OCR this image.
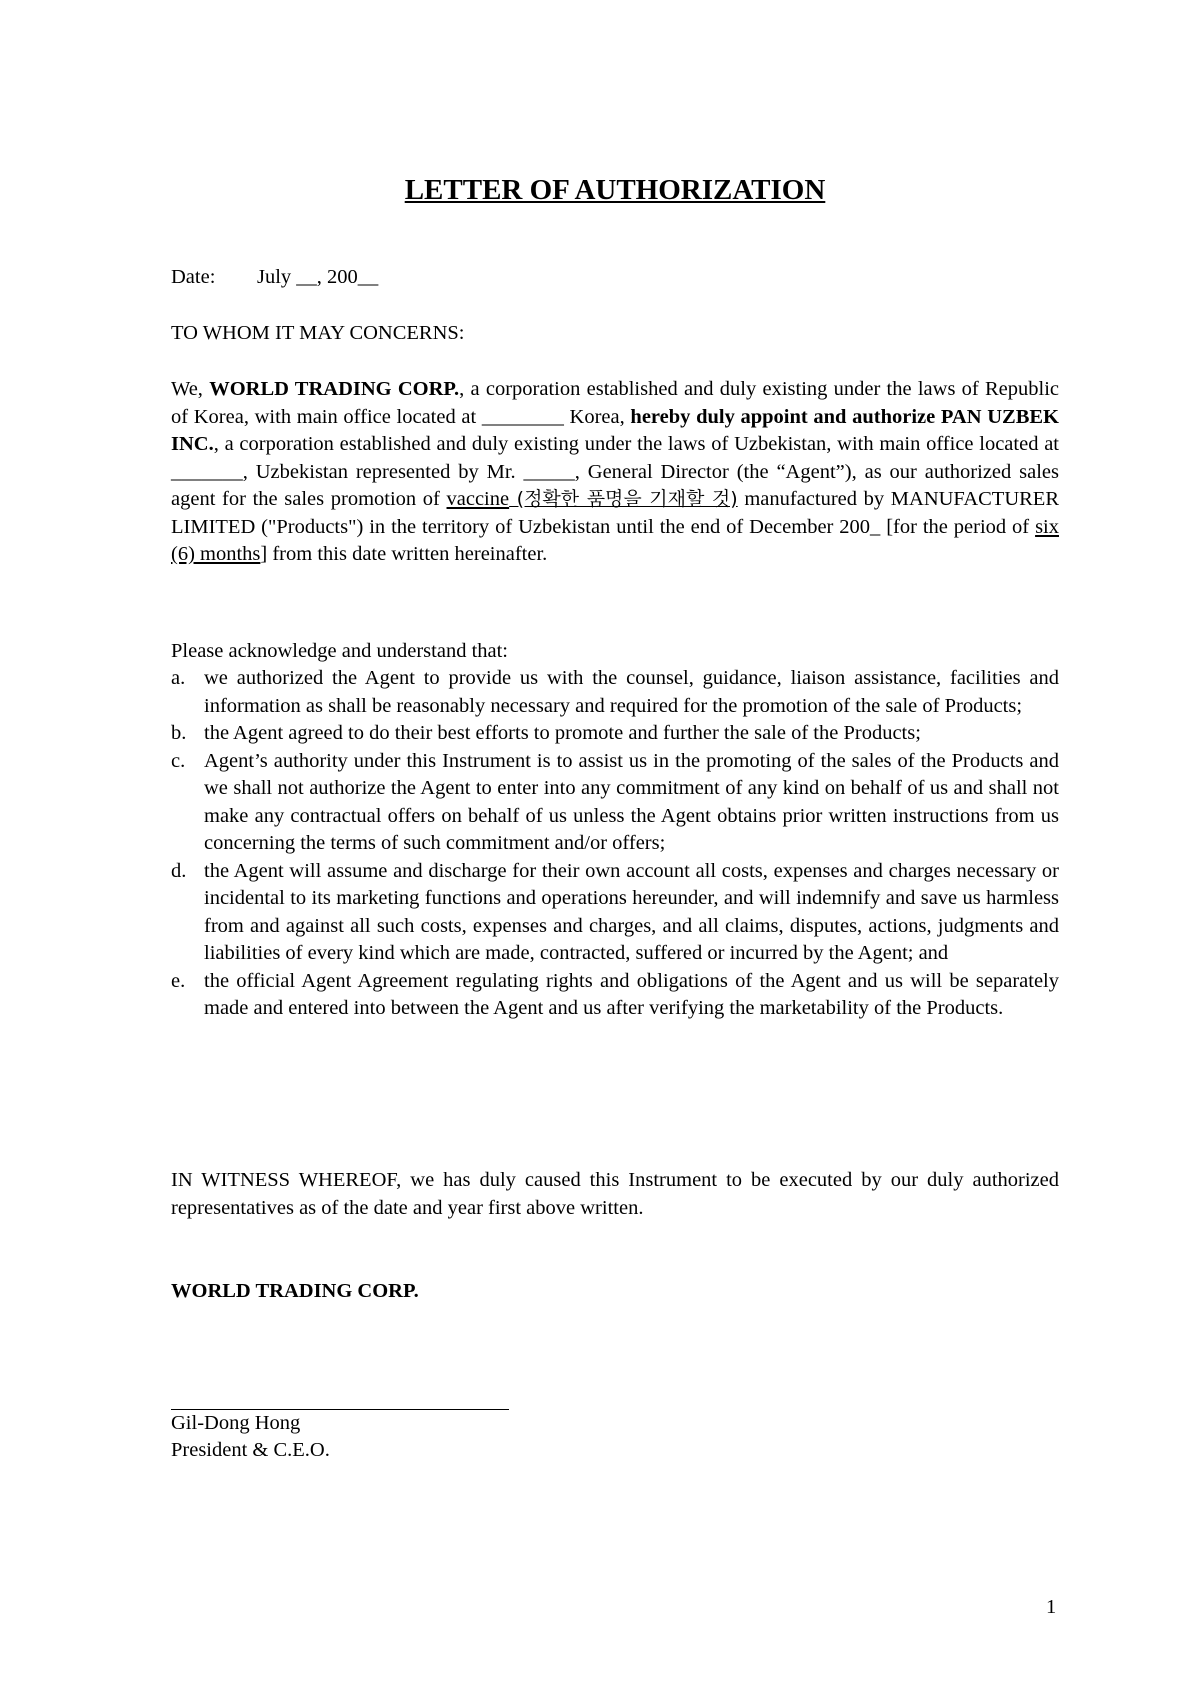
LETTER OF AUTHORIZATION

Date: July __, 200__

TO WHOM IT MAY CONCERNS:

We, WORLD TRADING CORP., a corporation established and duly existing under the laws of Republic of Korea, with main office located at ________ Korea, hereby duly appoint and authorize PAN UZBEK INC., a corporation established and duly existing under the laws of Uzbekistan, with main office located at _______, Uzbekistan represented by Mr. _____, General Director (the “Agent”), as our authorized sales agent for the sales promotion of vaccine (정확한 품명을 기재할 것) manufactured by MANUFACTURER LIMITED ("Products") in the territory of Uzbekistan until the end of December 200_ [for the period of six (6) months] from this date written hereinafter.

Please acknowledge and understand that:

a. we authorized the Agent to provide us with the counsel, guidance, liaison assistance, facilities and information as shall be reasonably necessary and required for the promotion of the sale of Products;
b. the Agent agreed to do their best efforts to promote and further the sale of the Products;
c. Agent’s authority under this Instrument is to assist us in the promoting of the sales of the Products and we shall not authorize the Agent to enter into any commitment of any kind on behalf of us and shall not make any contractual offers on behalf of us unless the Agent obtains prior written instructions from us concerning the terms of such commitment and/or offers;
d. the Agent will assume and discharge for their own account all costs, expenses and charges necessary or incidental to its marketing functions and operations hereunder, and will indemnify and save us harmless from and against all such costs, expenses and charges, and all claims, disputes, actions, judgments and liabilities of every kind which are made, contracted, suffered or incurred by the Agent; and
e. the official Agent Agreement regulating rights and obligations of the Agent and us will be separately made and entered into between the Agent and us after verifying the marketability of the Products.

IN WITNESS WHEREOF, we has duly caused this Instrument to be executed by our duly authorized representatives as of the date and year first above written.

WORLD TRADING CORP.

Gil-Dong Hong

President & C.E.O.

1
